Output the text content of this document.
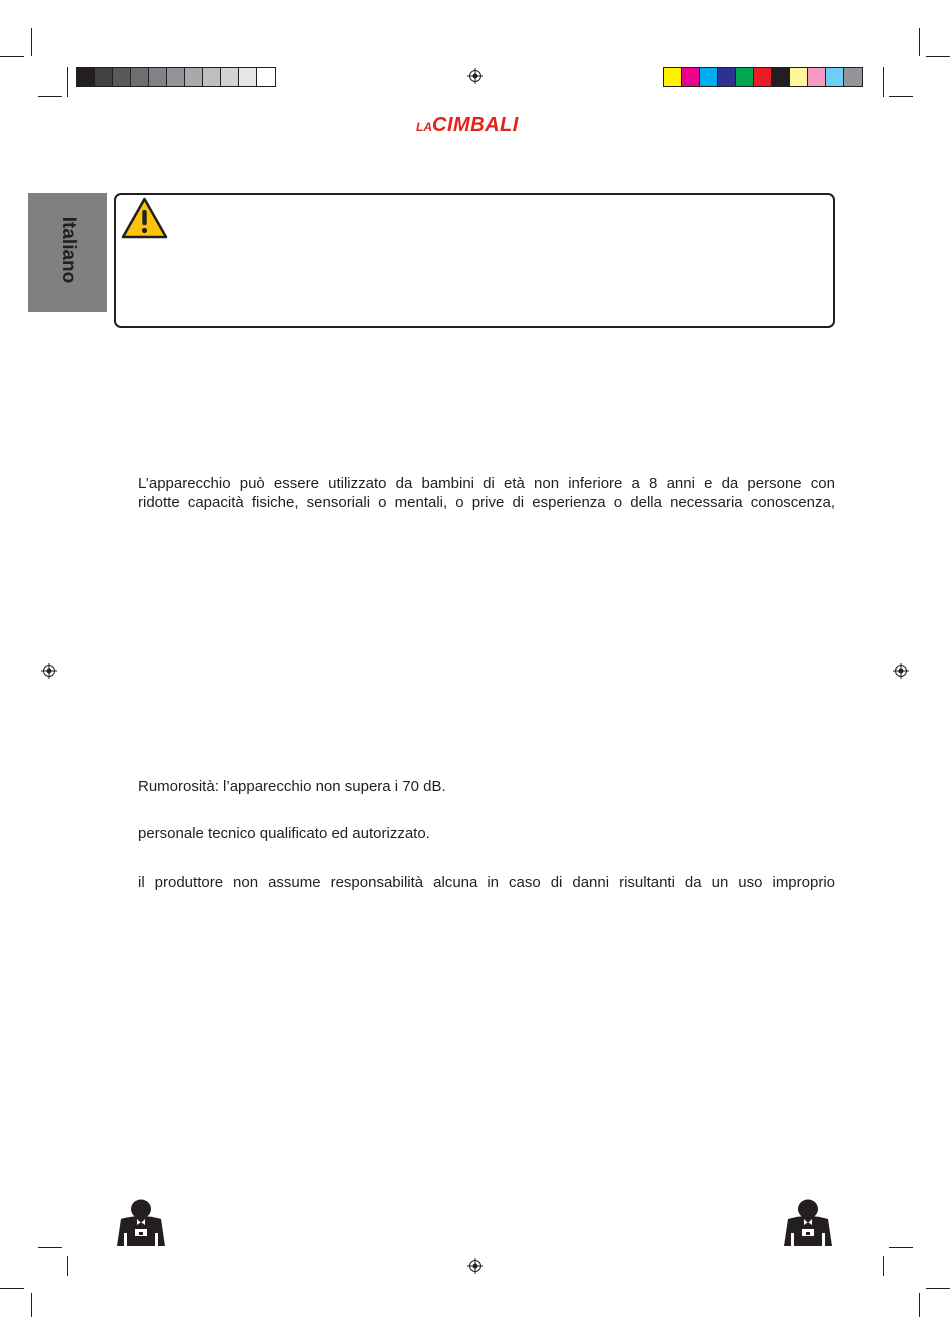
LACIMBALI
Italiano
L’apparecchio può essere utilizzato da bambini di età non inferiore a 8 anni e da persone con
ridotte capacità fisiche, sensoriali o mentali, o prive di esperienza o della necessaria conoscenza,
Rumorosità: l’apparecchio non supera i 70 dB.
personale tecnico qualificato ed autorizzato.
il produttore non assume responsabilità alcuna in caso di danni risultanti da un uso improprio
